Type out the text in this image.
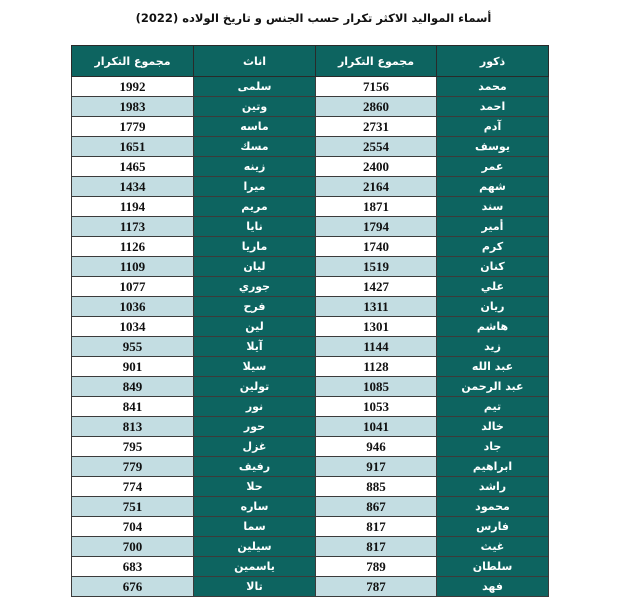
أسماء المواليد الاكثر تكرار حسب الجنس و تاريخ الولاده (2022)
ذكور	مجموع التكرار	اناث	مجموع التكرار
محمد	7156	سلمى	1992
احمد	2860	وتين	1983
آدم	2731	ماسه	1779
يوسف	2554	مسك	1651
عمر	2400	زينه	1465
شهم	2164	ميرا	1434
سند	1871	مريم	1194
أمير	1794	نايا	1173
كرم	1740	ماريا	1126
كنان	1519	ليان	1109
علي	1427	جوري	1077
ريان	1311	فرح	1036
هاشم	1301	لين	1034
زيد	1144	آيلا	955
عبد الله	1128	سيلا	901
عبد الرحمن	1085	تولين	849
تيم	1053	نور	841
خالد	1041	حور	813
جاد	946	غزل	795
ابراهيم	917	رفيف	779
راشد	885	حلا	774
محمود	867	ساره	751
فارس	817	سما	704
غيث	817	سيلين	700
سلطان	789	ياسمين	683
فهد	787	تالا	676
